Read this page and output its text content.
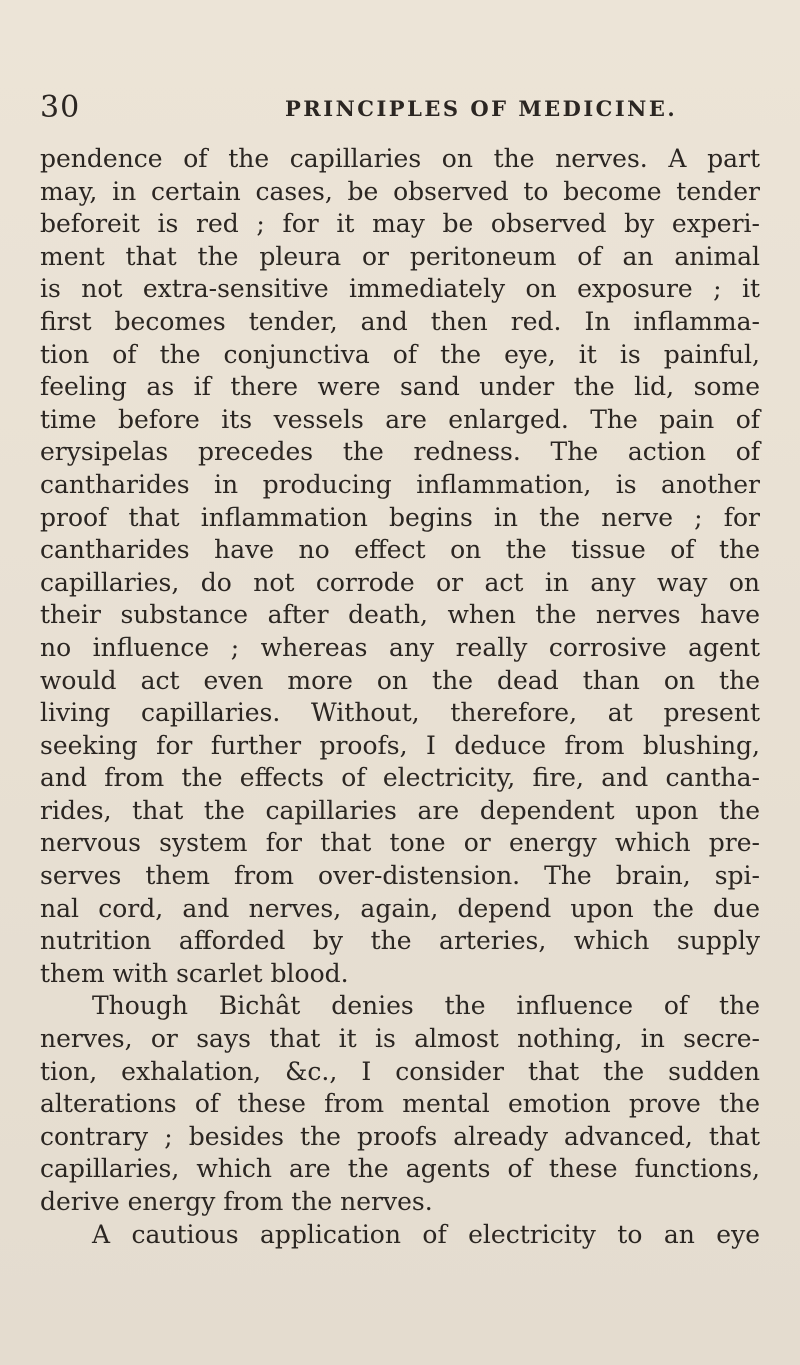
30	PRINCIPLES OF MEDICINE.
pendence of the capillaries on the nerves. A part
may, in certain cases, be observed to become tender
beforeit is red ; for it may be observed by experi-
ment that the pleura or peritoneum of an animal
is not extra-sensitive immediately on exposure ; it
first becomes tender, and then red. In inflamma-
tion of the conjunctiva of the eye, it is painful,
feeling as if there were sand under the lid, some
time before its vessels are enlarged. The pain of
erysipelas precedes the redness. The action of
cantharides in producing inflammation, is another
proof that inflammation begins in the nerve ; for
cantharides have no effect on the tissue of the
capillaries, do not corrode or act in any way on
their substance after death, when the nerves have
no influence ; whereas any really corrosive agent
would act even more on the dead than on the
living capillaries. Without, therefore, at present
seeking for further proofs, I deduce from blushing,
and from the effects of electricity, fire, and cantha-
rides, that the capillaries are dependent upon the
nervous system for that tone or energy which pre-
serves them from over-distension. The brain, spi-
nal cord, and nerves, again, depend upon the due
nutrition afforded by the arteries, which supply
them with scarlet blood.
Though Bichât denies the influence of the
nerves, or says that it is almost nothing, in secre-
tion, exhalation, &c., I consider that the sudden
alterations of these from mental emotion prove the
contrary ; besides the proofs already advanced, that
capillaries, which are the agents of these functions,
derive energy from the nerves.
A cautious application of electricity to an eye
